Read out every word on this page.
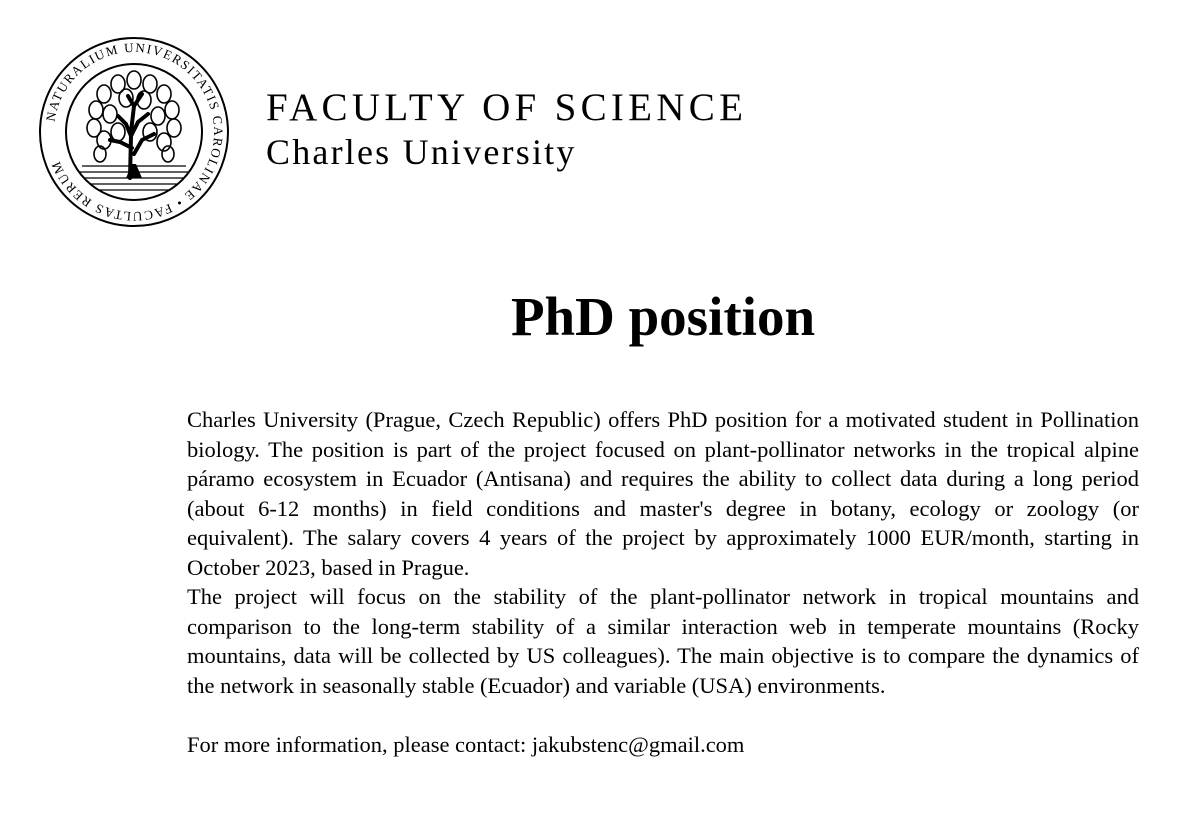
NATURALIUM UNIVERSITATIS CAROLINAE • FACULTAS RERUM
FACULTY OF SCIENCE
Charles University
PhD position

Charles University (Prague, Czech Republic) offers PhD position for a motivated student in Pollination biology. The position is part of the project focused on plant-pollinator networks in the tropical alpine páramo ecosystem in Ecuador (Antisana) and requires the ability to collect data during a long period (about 6-12 months) in field conditions and master's degree in botany, ecology or zoology (or equivalent). The salary covers 4 years of the project by approximately 1000 EUR/month, starting in October 2023, based in Prague.

The project will focus on the stability of the plant-pollinator network in tropical mountains and comparison to the long-term stability of a similar interaction web in temperate mountains (Rocky mountains, data will be collected by US colleagues). The main objective is to compare the dynamics of the network in seasonally stable (Ecuador) and variable (USA) environments.

For more information, please contact: jakubstenc@gmail.com
